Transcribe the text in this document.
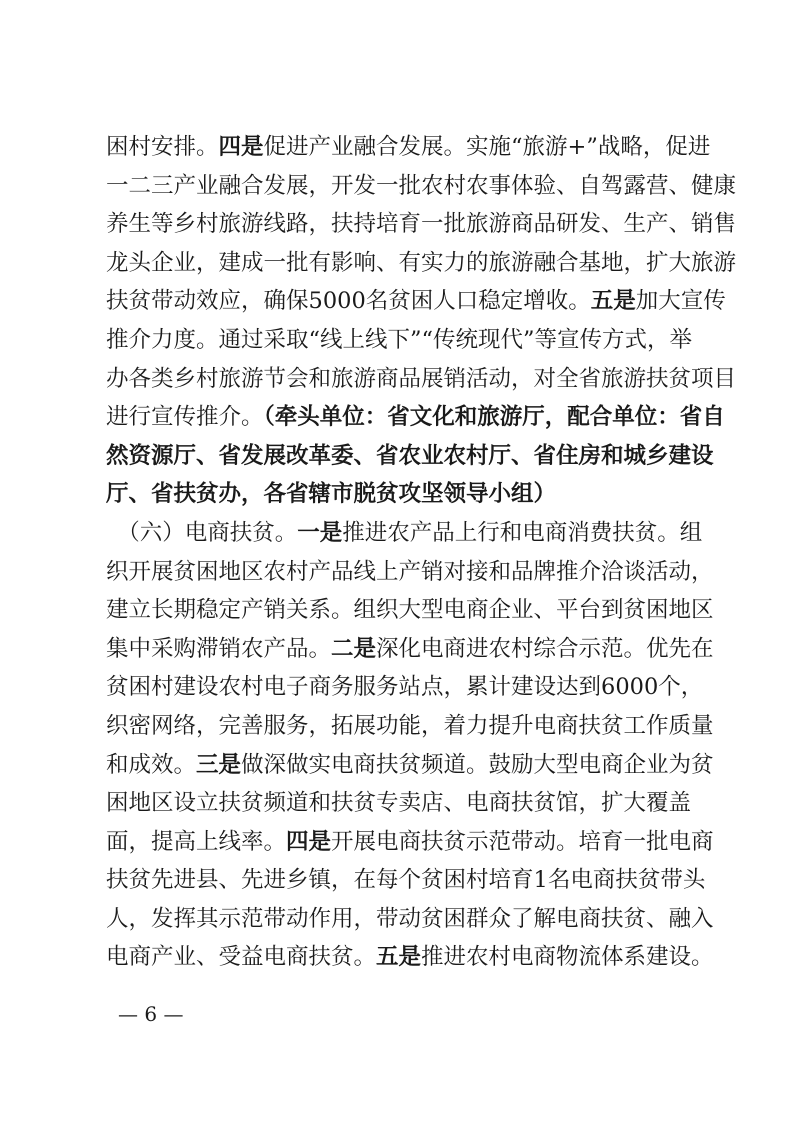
困村安排。四是促进产业融合发展。实施“旅游+”战略，促进
一二三产业融合发展，开发一批农村农事体验、自驾露营、健康
养生等乡村旅游线路，扶持培育一批旅游商品研发、生产、销售
龙头企业，建成一批有影响、有实力的旅游融合基地，扩大旅游
扶贫带动效应，确保5000名贫困人口稳定增收。五是加大宣传
推介力度。通过采取“线上线下”“传统现代”等宣传方式，举
办各类乡村旅游节会和旅游商品展销活动，对全省旅游扶贫项目
进行宣传推介。（牵头单位：省文化和旅游厅，配合单位：省自
然资源厅、省发展改革委、省农业农村厅、省住房和城乡建设
厅、省扶贫办，各省辖市脱贫攻坚领导小组）
　（六）电商扶贫。一是推进农产品上行和电商消费扶贫。组
织开展贫困地区农村产品线上产销对接和品牌推介洽谈活动，
建立长期稳定产销关系。组织大型电商企业、平台到贫困地区
集中采购滞销农产品。二是深化电商进农村综合示范。优先在
贫困村建设农村电子商务服务站点，累计建设达到6000个，
织密网络，完善服务，拓展功能，着力提升电商扶贫工作质量
和成效。三是做深做实电商扶贫频道。鼓励大型电商企业为贫
困地区设立扶贫频道和扶贫专卖店、电商扶贫馆，扩大覆盖
面，提高上线率。四是开展电商扶贫示范带动。培育一批电商
扶贫先进县、先进乡镇，在每个贫困村培育1名电商扶贫带头
人，发挥其示范带动作用，带动贫困群众了解电商扶贫、融入
电商产业、受益电商扶贫。五是推进农村电商物流体系建设。
— 6 —
